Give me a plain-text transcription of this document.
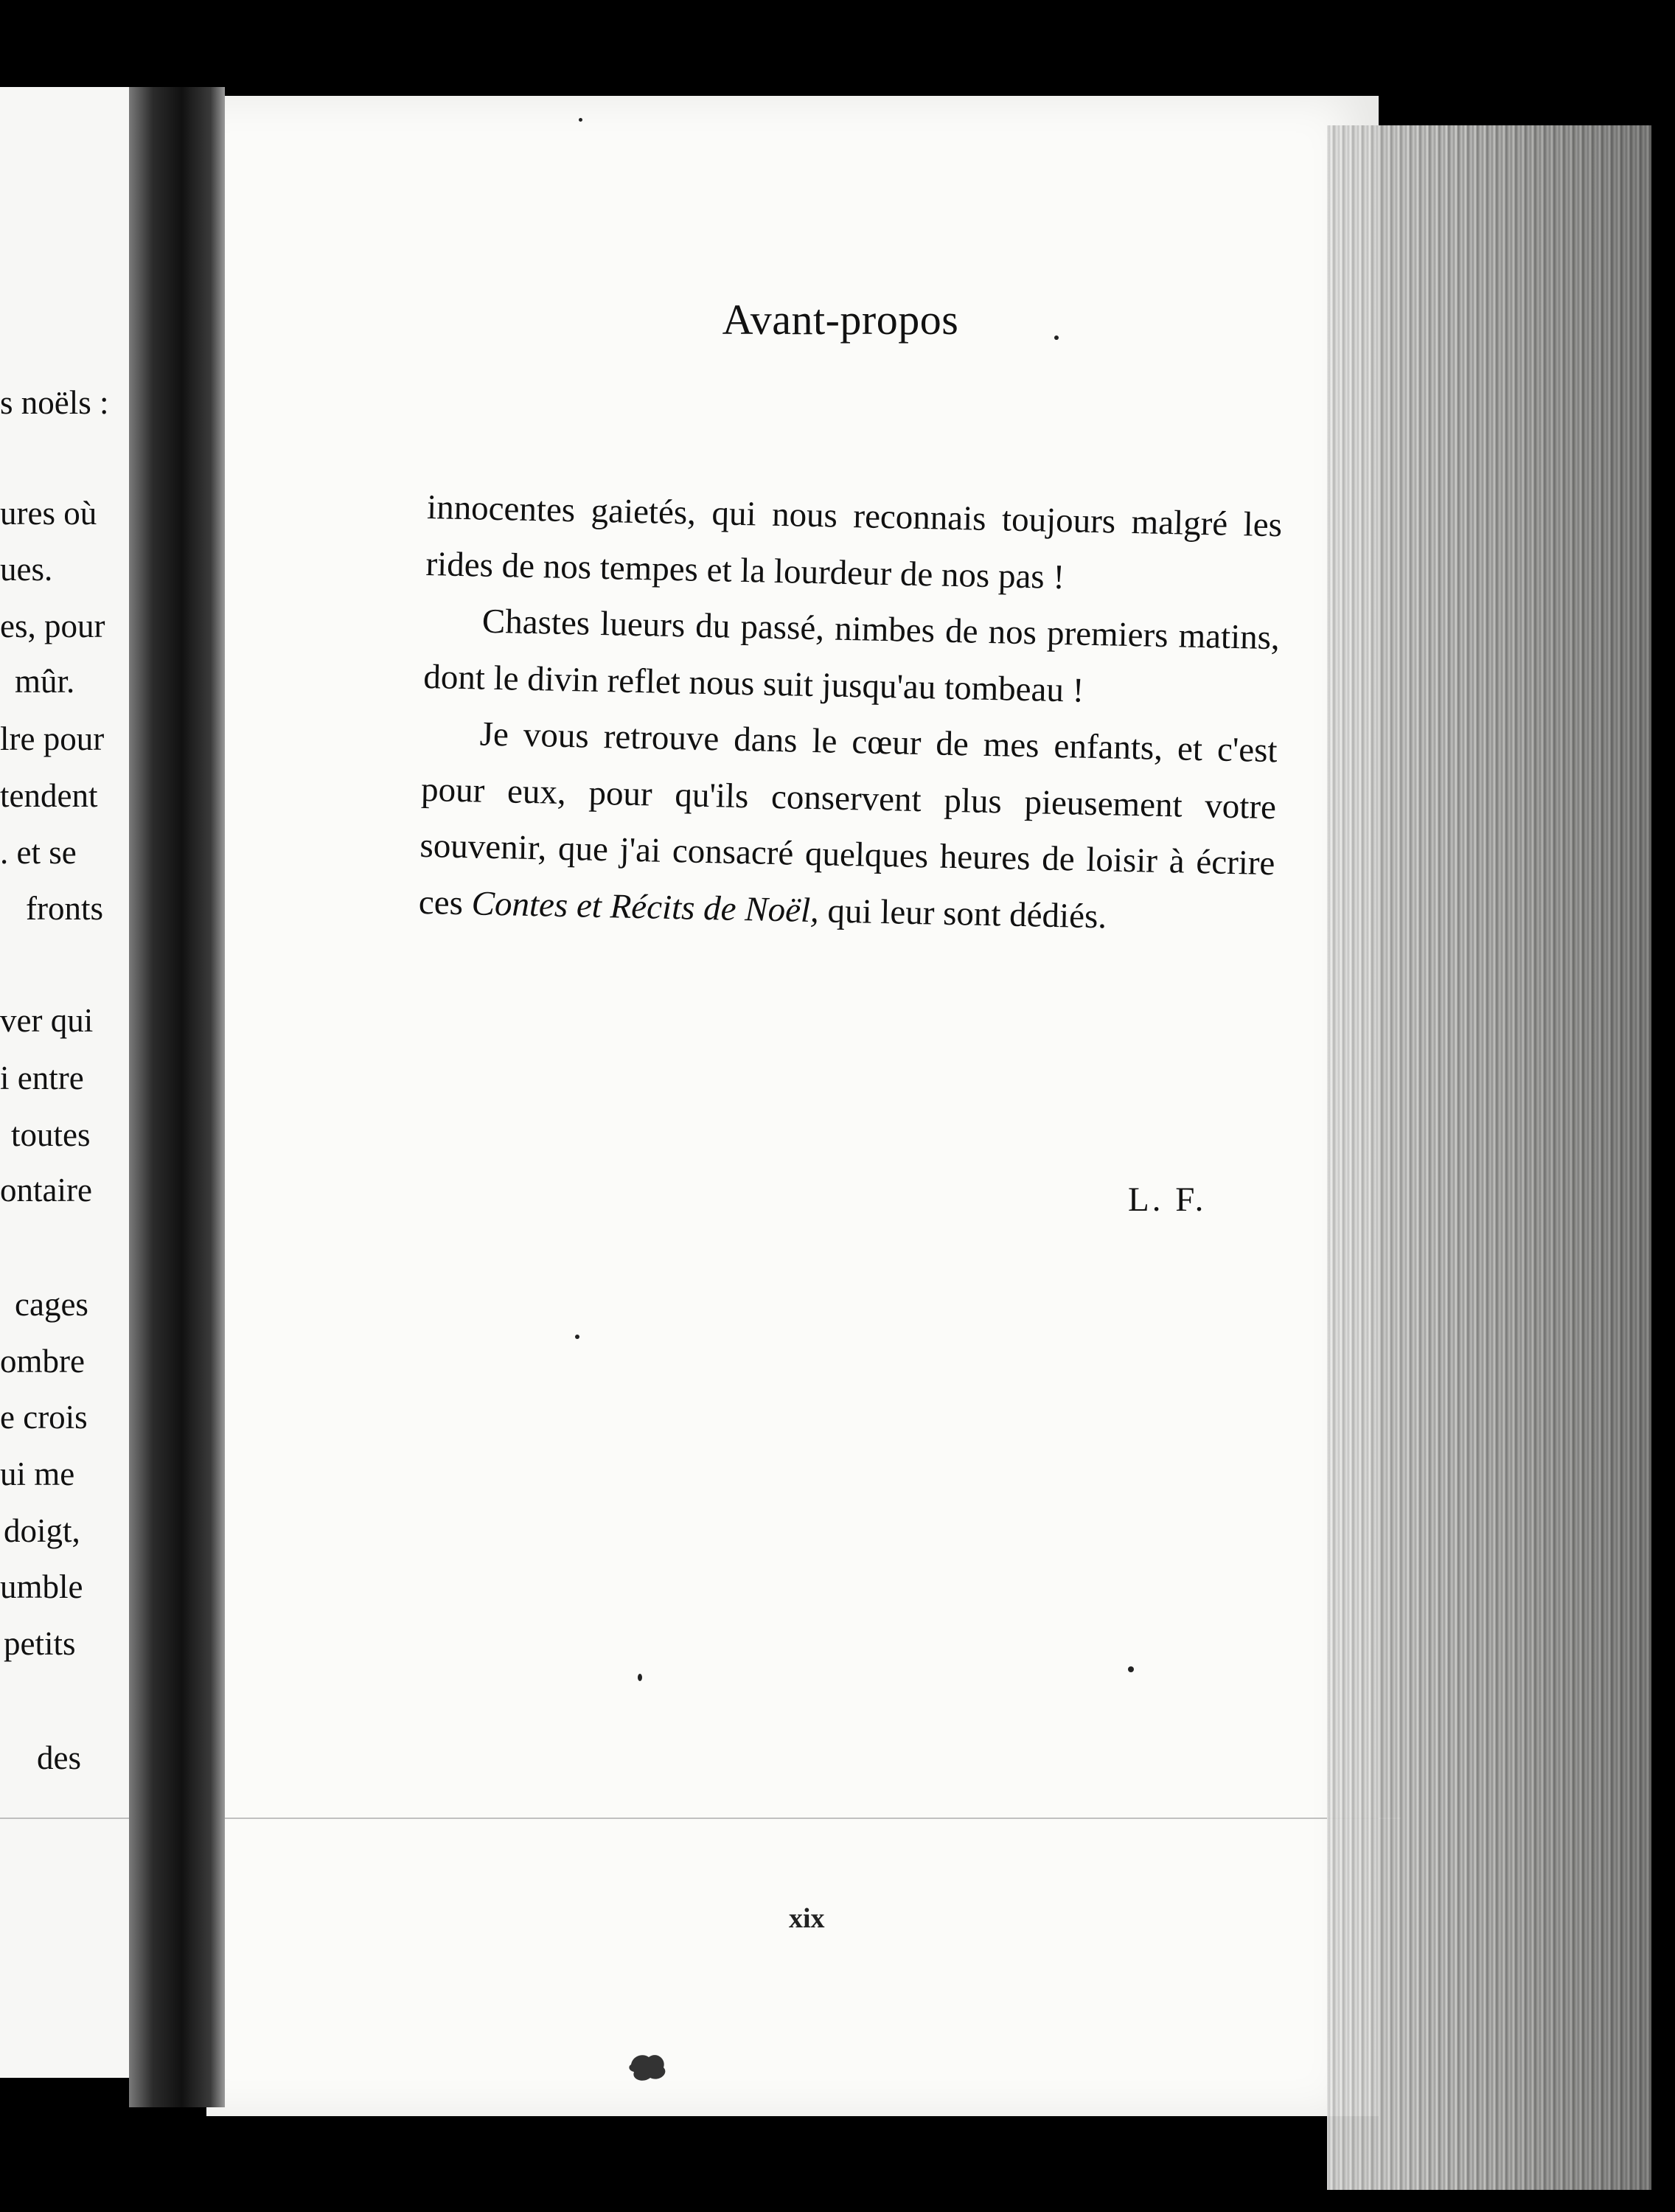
s noëls :
ures où
ues.
es, pour
mûr.
lre pour
tendent
. et se
fronts
ver qui
i entre
toutes
ontaire
cages
ombre
e crois
ui me
doigt,
umble
petits
des
Avant-propos

innocentes gaietés, qui nous reconnais toujours malgré les rides de nos tempes et la lourdeur de nos pas !

Chastes lueurs du passé, nimbes de nos premiers matins, dont le divin reflet nous suit jusqu'au tombeau !

Je vous retrouve dans le cœur de mes enfants, et c'est pour eux, pour qu'ils conservent plus pieusement votre souvenir, que j'ai consacré quelques heures de loisir à écrire ces Contes et Récits de Noël, qui leur sont dédiés.

L. F.
xix
